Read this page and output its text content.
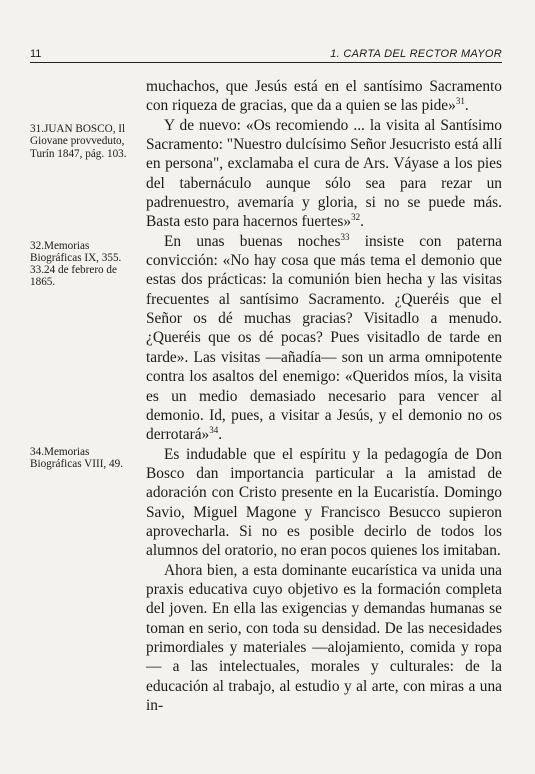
11	1. CARTA DEL RECTOR MAYOR
31.JUAN BOSCO, Il Giovane provveduto, Turín 1847, pág. 103.
32.Memorias Biográficas IX, 355.
33.24 de febrero de 1865.
34.Memorias Biográficas VIII, 49.

muchachos, que Jesús está en el santísimo Sacramento con riqueza de gracias, que da a quien se las pide»$^{31}$.

Y de nuevo: «Os recomiendo ... la visita al Santísimo Sacramento: "Nuestro dulcísimo Señor Jesucristo está allí en persona", exclamaba el cura de Ars. Váyase a los pies del tabernáculo aunque sólo sea para rezar un padrenuestro, avemaría y gloria, si no se puede más. Basta esto para hacernos fuertes»$^{32}$.

En unas buenas noches$^{33}$ insiste con paterna convicción: «No hay cosa que más tema el demonio que estas dos prácticas: la comunión bien hecha y las visitas frecuentes al santísimo Sacramento. ¿Queréis que el Señor os dé muchas gracias? Visitadlo a menudo. ¿Queréis que os dé pocas? Pues visitadlo de tarde en tarde». Las visitas —añadía— son un arma omnipotente contra los asaltos del enemigo: «Queridos míos, la visita es un medio demasiado necesario para vencer al demonio. Id, pues, a visitar a Jesús, y el demonio no os derrotará»$^{34}$.

Es indudable que el espíritu y la pedagogía de Don Bosco dan importancia particular a la amistad de adoración con Cristo presente en la Eucaristía. Domingo Savio, Miguel Magone y Francisco Besucco supieron aprovecharla. Si no es posible decirlo de todos los alumnos del oratorio, no eran pocos quienes los imitaban.

Ahora bien, a esta dominante eucarística va unida una praxis educativa cuyo objetivo es la formación completa del joven. En ella las exigencias y demandas humanas se toman en serio, con toda su densidad. De las necesidades primordiales y materiales —alojamiento, comida y ropa— a las intelectuales, morales y culturales: de la educación al trabajo, al estudio y al arte, con miras a una in-
